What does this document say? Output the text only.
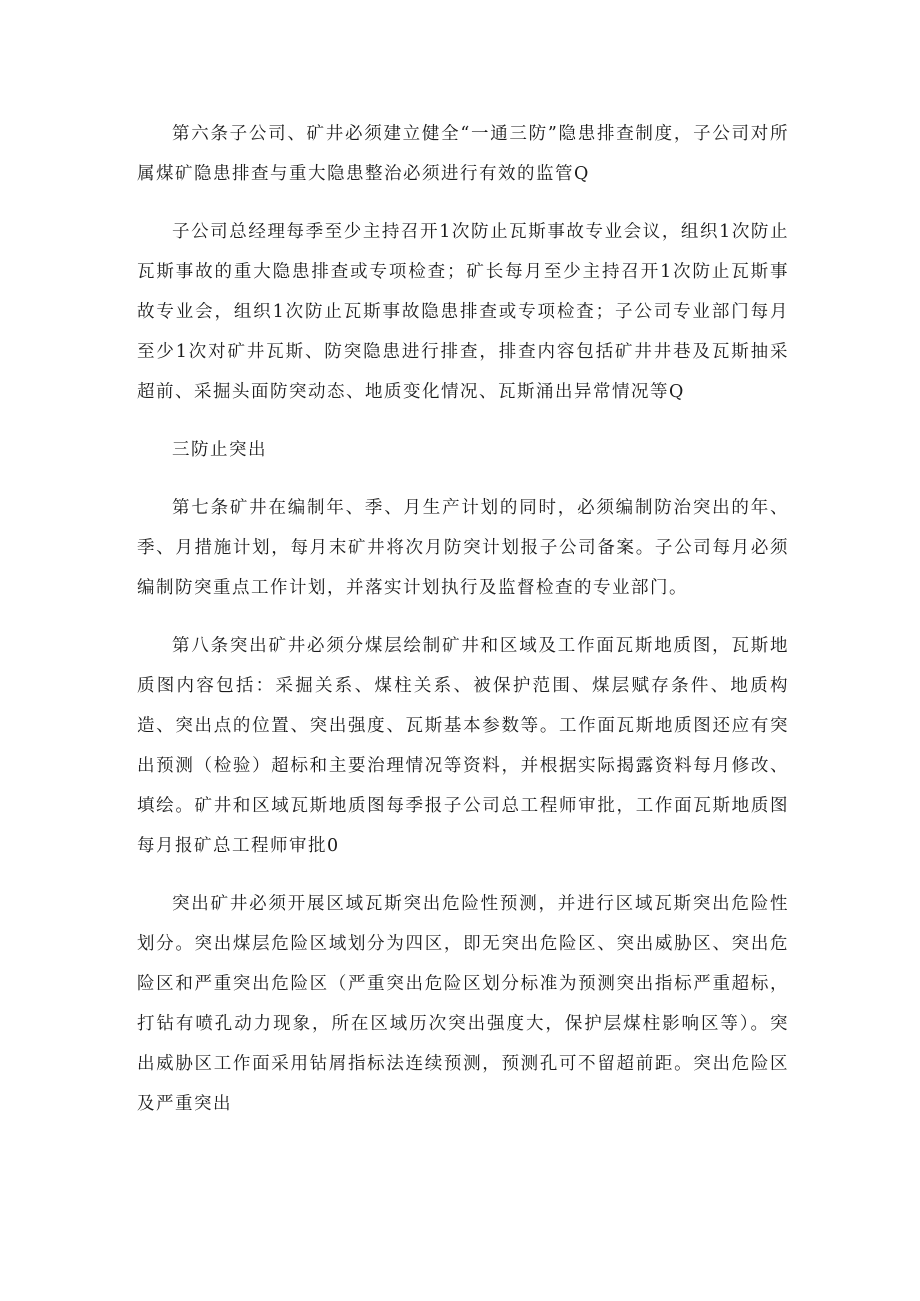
第六条子公司、矿井必须建立健全“一通三防”隐患排查制度，子公司对所属煤矿隐患排查与重大隐患整治必须进行有效的监管Q

子公司总经理每季至少主持召开1次防止瓦斯事故专业会议，组织1次防止瓦斯事故的重大隐患排查或专项检查；矿长每月至少主持召开1次防止瓦斯事故专业会，组织1次防止瓦斯事故隐患排查或专项检査；子公司专业部门每月至少1次对矿井瓦斯、防突隐患进行排查，排查内容包括矿井井巷及瓦斯抽采超前、采掘头面防突动态、地质变化情况、瓦斯涌出异常情况等Q

三防止突出

第七条矿井在编制年、季、月生产计划的同时，必须编制防治突出的年、季、月措施计划，每月末矿井将次月防突计划报子公司备案。子公司每月必须编制防突重点工作计划，并落实计划执行及监督检查的专业部门。

第八条突出矿井必须分煤层绘制矿井和区域及工作面瓦斯地质图，瓦斯地质图内容包括：采掘关系、煤柱关系、被保护范围、煤层赋存条件、地质构造、突出点的位置、突出强度、瓦斯基本参数等。工作面瓦斯地质图还应有突出预测（检验）超标和主要治理情况等资料，并根据实际揭露资料每月修改、填绘。矿井和区域瓦斯地质图每季报子公司总工程师审批，工作面瓦斯地质图每月报矿总工程师审批0

突出矿井必须开展区域瓦斯突出危险性预测，并进行区域瓦斯突出危险性划分。突出煤层危险区域划分为四区，即无突出危险区、突出威胁区、突出危险区和严重突出危险区（严重突出危险区划分标准为预测突出指标严重超标，打钻有喷孔动力现象，所在区域历次突出强度大，保护层煤柱影响区等）。突出威胁区工作面采用钻屑指标法连续预测，预测孔可不留超前距。突出危险区及严重突出
